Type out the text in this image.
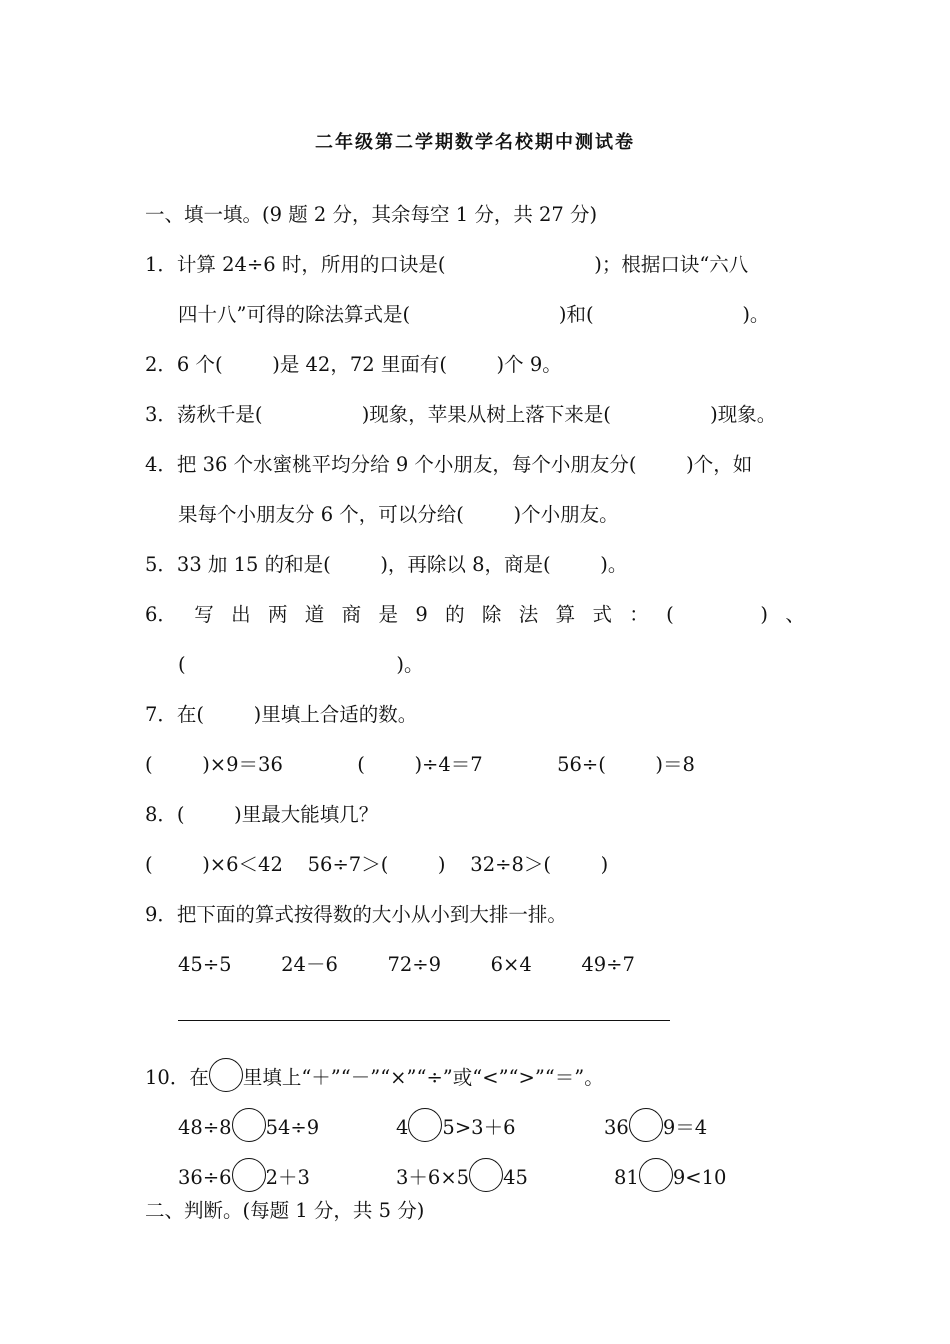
二年级第二学期数学名校期中测试卷
一、填一填。(9 题 2 分，其余每空 1 分，共 27 分)
1．计算 24÷6 时，所用的口诀是(                        )；根据口诀“六八
四十八”可得的除法算式是(                        )和(                        )。
2．6 个(        )是 42，72 里面有(        )个 9。
3．荡秋千是(                )现象，苹果从树上落下来是(                )现象。
4．把 36 个水蜜桃平均分给 9 个小朋友，每个小朋友分(        )个，如
果每个小朋友分 6 个，可以分给(        )个小朋友。
5．33 加 15 的和是(        )，再除以 8，商是(        )。
6． 写 出 两 道 商 是 9 的 除 法 算 式 ： (	) 、
(                                  )。
7．在(        )里填上合适的数。
(        )×9＝36            (        )÷4＝7            56÷(        )＝8
8．(        )里最大能填几？
(        )×6＜42    56÷7＞(        )    32÷8＞(        )
9．把下面的算式按得数的大小从小到大排一排。
45÷5        24－6        72÷9        6×4        49÷7
10．在 里填上“＋”“－”“×”“÷”或“<”“>”“＝”。
48÷8 54÷9	4 5>3＋6	36 9＝4
36÷6 2＋3	3＋6×5 45	81 9<10
二、判断。(每题 1 分，共 5 分)
